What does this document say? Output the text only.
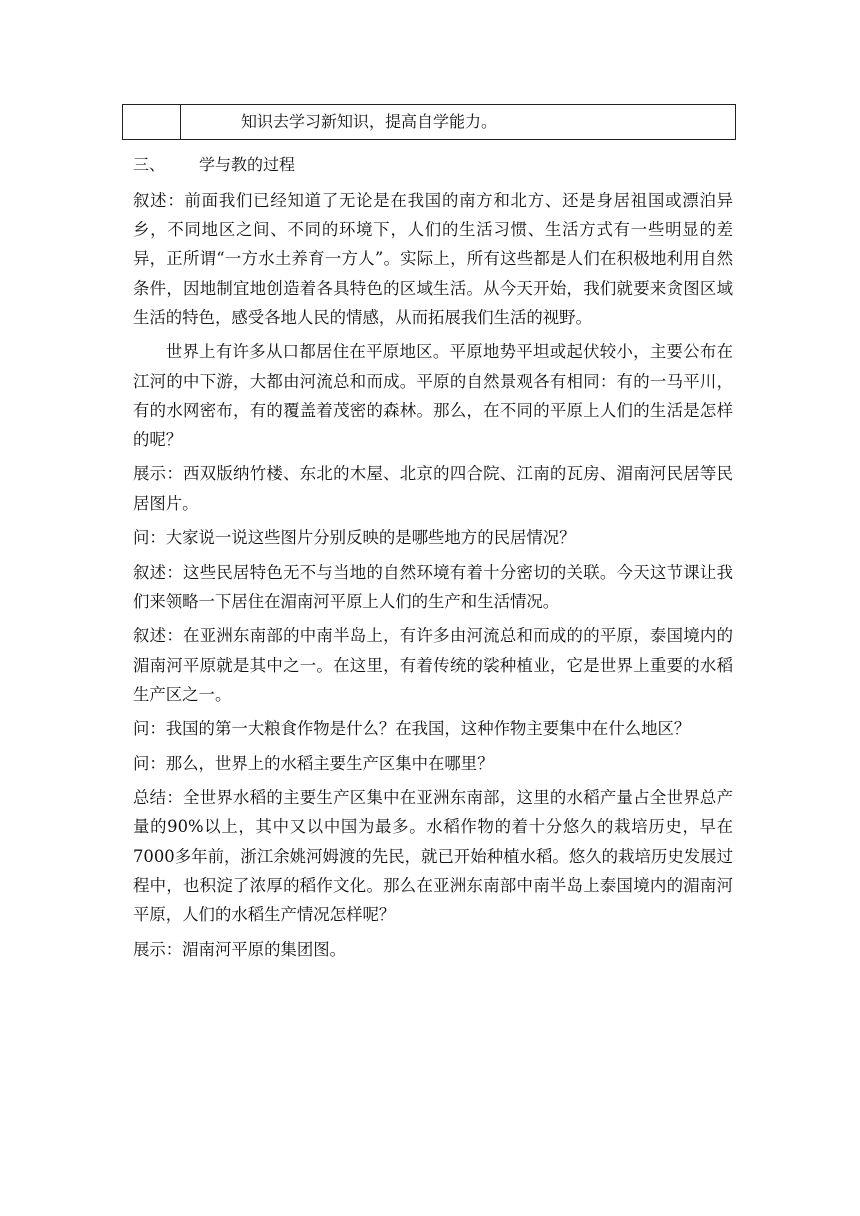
知识去学习新知识，提高自学能力。
三、 学与教的过程

叙述：前面我们已经知道了无论是在我国的南方和北方、还是身居祖国或漂泊异乡，不同地区之间、不同的环境下，人们的生活习惯、生活方式有一些明显的差异，正所谓“一方水土养育一方人”。实际上，所有这些都是人们在积极地利用自然条件，因地制宜地创造着各具特色的区域生活。从今天开始，我们就要来贪图区域生活的特色，感受各地人民的情感，从而拓展我们生活的视野。

世界上有许多从口都居住在平原地区。平原地势平坦或起伏较小，主要公布在江河的中下游，大都由河流总和而成。平原的自然景观各有相同：有的一马平川，有的水网密布，有的覆盖着茂密的森林。那么，在不同的平原上人们的生活是怎样的呢？

展示：西双版纳竹楼、东北的木屋、北京的四合院、江南的瓦房、湄南河民居等民居图片。

问：大家说一说这些图片分别反映的是哪些地方的民居情况？

叙述：这些民居特色无不与当地的自然环境有着十分密切的关联。今天这节课让我们来领略一下居住在湄南河平原上人们的生产和生活情况。

叙述：在亚洲东南部的中南半岛上，有许多由河流总和而成的的平原，泰国境内的湄南河平原就是其中之一。在这里，有着传统的裟种植业，它是世界上重要的水稻生产区之一。

问：我国的第一大粮食作物是什么？在我国，这种作物主要集中在什么地区？

问：那么，世界上的水稻主要生产区集中在哪里？

总结：全世界水稻的主要生产区集中在亚洲东南部，这里的水稻产量占全世界总产量的90%以上，其中又以中国为最多。水稻作物的着十分悠久的栽培历史，早在7000多年前，浙江余姚河姆渡的先民，就已开始种植水稻。悠久的栽培历史发展过程中，也积淀了浓厚的稻作文化。那么在亚洲东南部中南半岛上泰国境内的湄南河平原，人们的水稻生产情况怎样呢？

展示：湄南河平原的集团图。
